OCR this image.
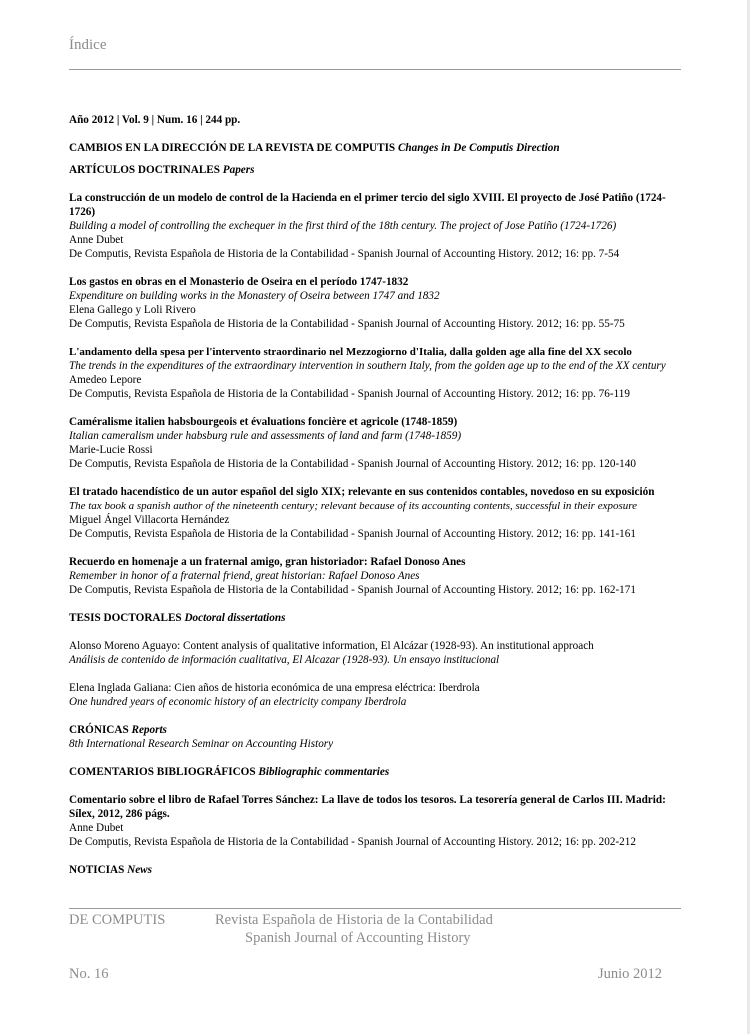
Índice
Año 2012 | Vol. 9 | Num. 16 | 244 pp.
CAMBIOS EN LA DIRECCIÓN DE LA REVISTA DE COMPUTIS Changes in De Computis Direction
ARTÍCULOS DOCTRINALES Papers
La construcción de un modelo de control de la Hacienda en el primer tercio del siglo XVIII. El proyecto de José Patiño (1724-1726)
Building a model of controlling the exchequer in the first third of the 18th century. The project of Jose Patiño (1724-1726)
Anne Dubet
De Computis, Revista Española de Historia de la Contabilidad - Spanish Journal of Accounting History. 2012; 16: pp. 7-54
Los gastos en obras en el Monasterio de Oseira en el período 1747-1832
Expenditure on building works in the Monastery of Oseira between 1747 and 1832
Elena Gallego y Loli Rivero
De Computis, Revista Española de Historia de la Contabilidad - Spanish Journal of Accounting History. 2012; 16: pp. 55-75
L'andamento della spesa per l'intervento straordinario nel Mezzogiorno d'Italia, dalla golden age alla fine del XX secolo
The trends in the expenditures of the extraordinary intervention in southern Italy, from the golden age up to the end of the XX century
Amedeo Lepore
De Computis, Revista Española de Historia de la Contabilidad - Spanish Journal of Accounting History. 2012; 16: pp. 76-119
Caméralisme italien habsbourgeois et évaluations foncière et agricole (1748-1859)
Italian cameralism under habsburg rule and assessments of land and farm (1748-1859)
Marie-Lucie Rossi
De Computis, Revista Española de Historia de la Contabilidad - Spanish Journal of Accounting History. 2012; 16: pp. 120-140
El tratado hacendístico de un autor español del siglo XIX; relevante en sus contenidos contables, novedoso en su exposición
The tax book a spanish author of the nineteenth century; relevant because of its accounting contents, successful in their exposure
Miguel Ángel Villacorta Hernández
De Computis, Revista Española de Historia de la Contabilidad - Spanish Journal of Accounting History. 2012; 16: pp. 141-161
Recuerdo en homenaje a un fraternal amigo, gran historiador: Rafael Donoso Anes
Remember in honor of a fraternal friend, great historian: Rafael Donoso Anes
De Computis, Revista Española de Historia de la Contabilidad - Spanish Journal of Accounting History. 2012; 16: pp. 162-171
TESIS DOCTORALES Doctoral dissertations
Alonso Moreno Aguayo: Content analysis of qualitative information, El Alcázar (1928-93). An institutional approach
Análisis de contenido de información cualitativa, El Alcazar (1928-93). Un ensayo institucional
Elena Inglada Galiana: Cien años de historia económica de una empresa eléctrica: Iberdrola
One hundred years of economic history of an electricity company Iberdrola
CRÓNICAS Reports
8th International Research Seminar on Accounting History
COMENTARIOS BIBLIOGRÁFICOS Bibliographic commentaries
Comentario sobre el libro de Rafael Torres Sánchez: La llave de todos los tesoros. La tesorería general de Carlos III. Madrid: Sílex, 2012, 286 págs.
Anne Dubet
De Computis, Revista Española de Historia de la Contabilidad - Spanish Journal of Accounting History. 2012; 16: pp. 202-212
NOTICIAS News
DE COMPUTIS	Revista Española de Historia de la Contabilidad
Spanish Journal of Accounting History
No. 16	Junio 2012
